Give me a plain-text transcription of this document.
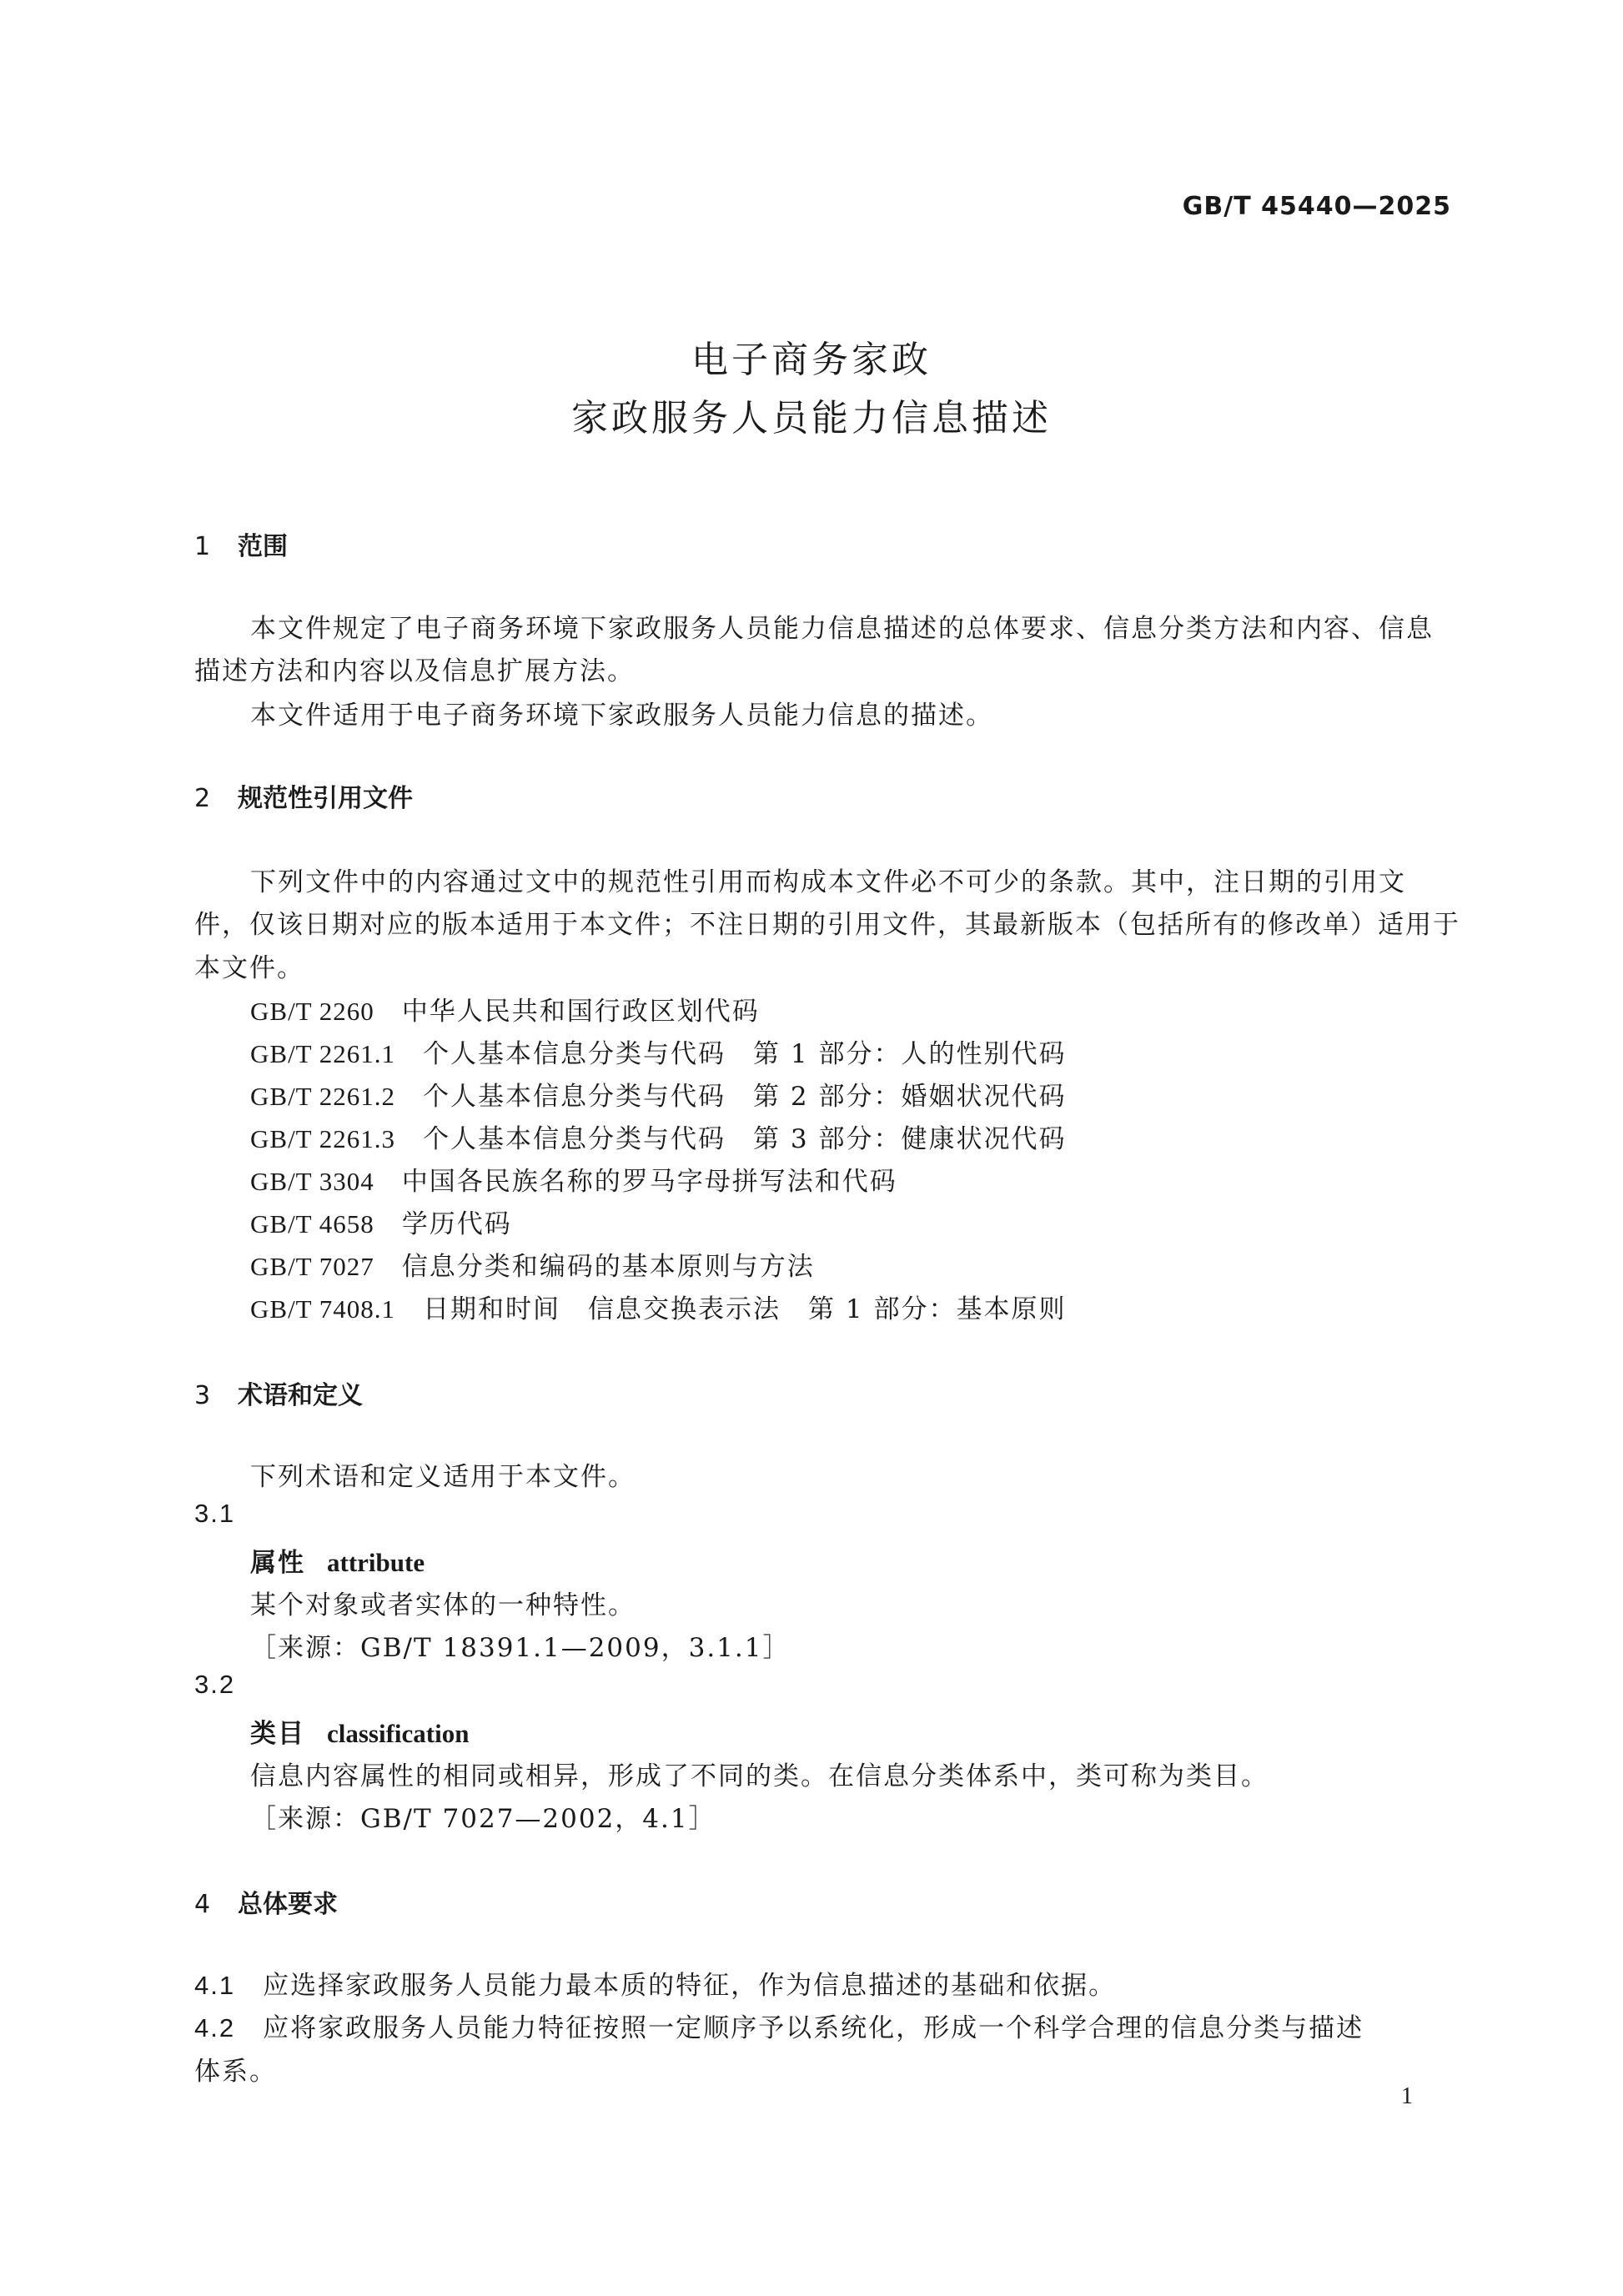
GB/T 45440—2025
电子商务家政
家政服务人员能力信息描述
1 范围
本文件规定了电子商务环境下家政服务人员能力信息描述的总体要求、信息分类方法和内容、信息
描述方法和内容以及信息扩展方法。
本文件适用于电子商务环境下家政服务人员能力信息的描述。
2 规范性引用文件
下列文件中的内容通过文中的规范性引用而构成本文件必不可少的条款。其中，注日期的引用文
件，仅该日期对应的版本适用于本文件；不注日期的引用文件，其最新版本（包括所有的修改单）适用于
本文件。
GB/T 2260　 中华人民共和国行政区划代码
GB/T 2261.1　 个人基本信息分类与代码　第 1 部分：人的性别代码
GB/T 2261.2　 个人基本信息分类与代码　第 2 部分：婚姻状况代码
GB/T 2261.3　 个人基本信息分类与代码　第 3 部分：健康状况代码
GB/T 3304　 中国各民族名称的罗马字母拼写法和代码
GB/T 4658　 学历代码
GB/T 7027　 信息分类和编码的基本原则与方法
GB/T 7408.1　 日期和时间　信息交换表示法　第 1 部分：基本原则
3 术语和定义
下列术语和定义适用于本文件。
3.1
属性 attribute
某个对象或者实体的一种特性。
［来源：GB/T 18391.1—2009，3.1.1］
3.2
类目 classification
信息内容属性的相同或相异，形成了不同的类。在信息分类体系中，类可称为类目。
［来源：GB/T 7027—2002，4.1］
4 总体要求
4.1　 应选择家政服务人员能力最本质的特征，作为信息描述的基础和依据。
4.2　 应将家政服务人员能力特征按照一定顺序予以系统化，形成一个科学合理的信息分类与描述
体系。
1
